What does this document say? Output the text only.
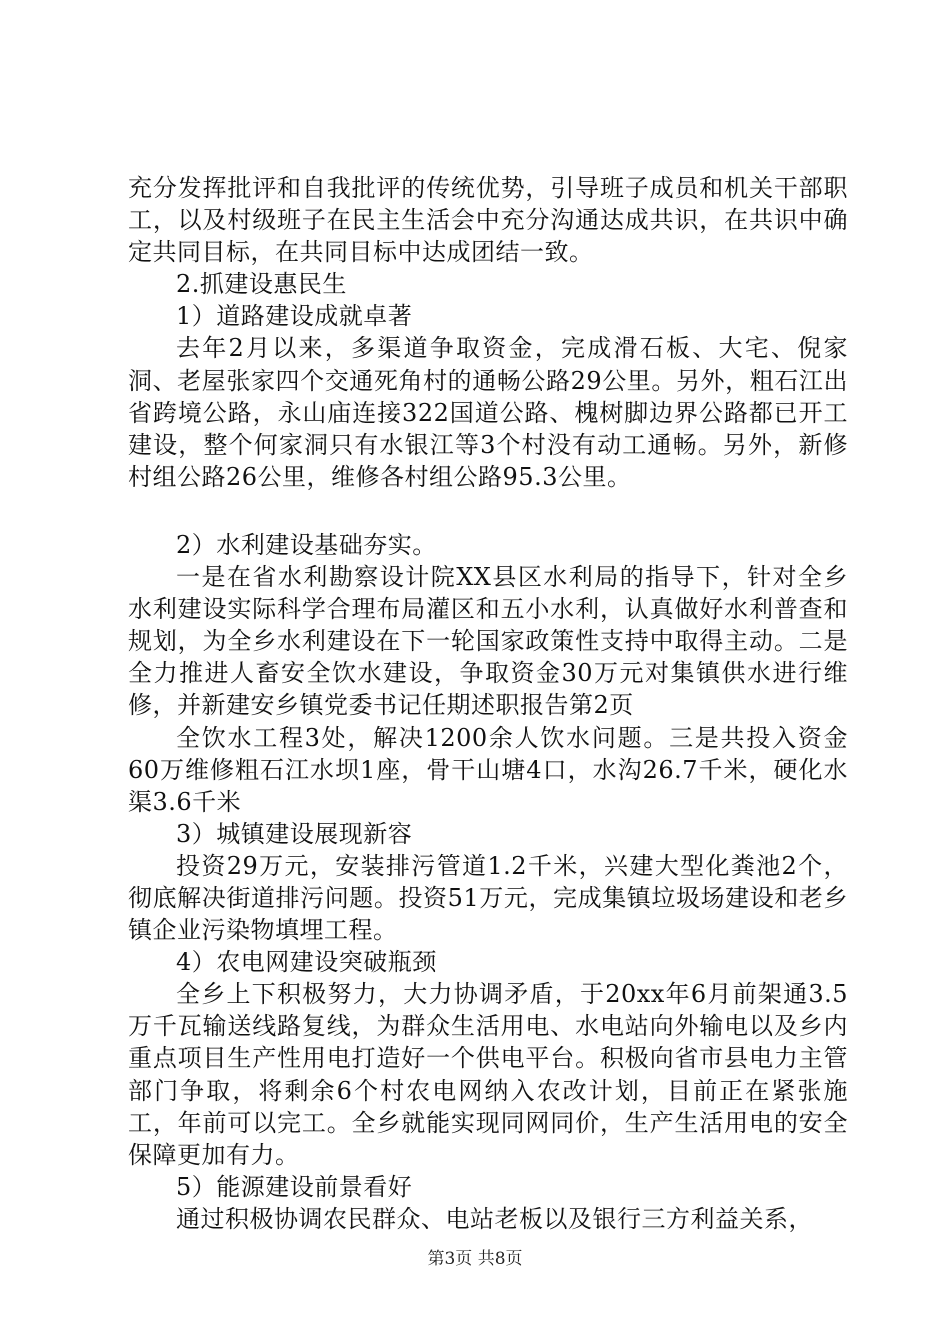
充分发挥批评和自我批评的传统优势，引导班子成员和机关干部职工，以及村级班子在民主生活会中充分沟通达成共识，在共识中确定共同目标，在共同目标中达成团结一致。

2.抓建设惠民生

1）道路建设成就卓著

去年2月以来，多渠道争取资金，完成滑石板、大宅、倪家洞、老屋张家四个交通死角村的通畅公路29公里。另外，粗石江出省跨境公路，永山庙连接322国道公路、槐树脚边界公路都已开工建设，整个何家洞只有水银江等3个村没有动工通畅。另外，新修村组公路26公里，维修各村组公路95.3公里。

2）水利建设基础夯实。

一是在省水利勘察设计院XX县区水利局的指导下，针对全乡水利建设实际科学合理布局灌区和五小水利，认真做好水利普查和规划，为全乡水利建设在下一轮国家政策性支持中取得主动。二是全力推进人畜安全饮水建设，争取资金30万元对集镇供水进行维修，并新建安乡镇党委书记任期述职报告第2页

全饮水工程3处，解决1200余人饮水问题。三是共投入资金60万维修粗石江水坝1座，骨干山塘4口，水沟26.7千米，硬化水渠3.6千米

3）城镇建设展现新容

投资29万元，安装排污管道1.2千米，兴建大型化粪池2个，彻底解决街道排污问题。投资51万元，完成集镇垃圾场建设和老乡镇企业污染物填埋工程。

4）农电网建设突破瓶颈

全乡上下积极努力，大力协调矛盾，于20xx年6月前架通3.5万千瓦输送线路复线，为群众生活用电、水电站向外输电以及乡内重点项目生产性用电打造好一个供电平台。积极向省市县电力主管部门争取，将剩余6个村农电网纳入农改计划，目前正在紧张施工，年前可以完工。全乡就能实现同网同价，生产生活用电的安全保障更加有力。

5）能源建设前景看好

通过积极协调农民群众、电站老板以及银行三方利益关系，

第3页 共8页
